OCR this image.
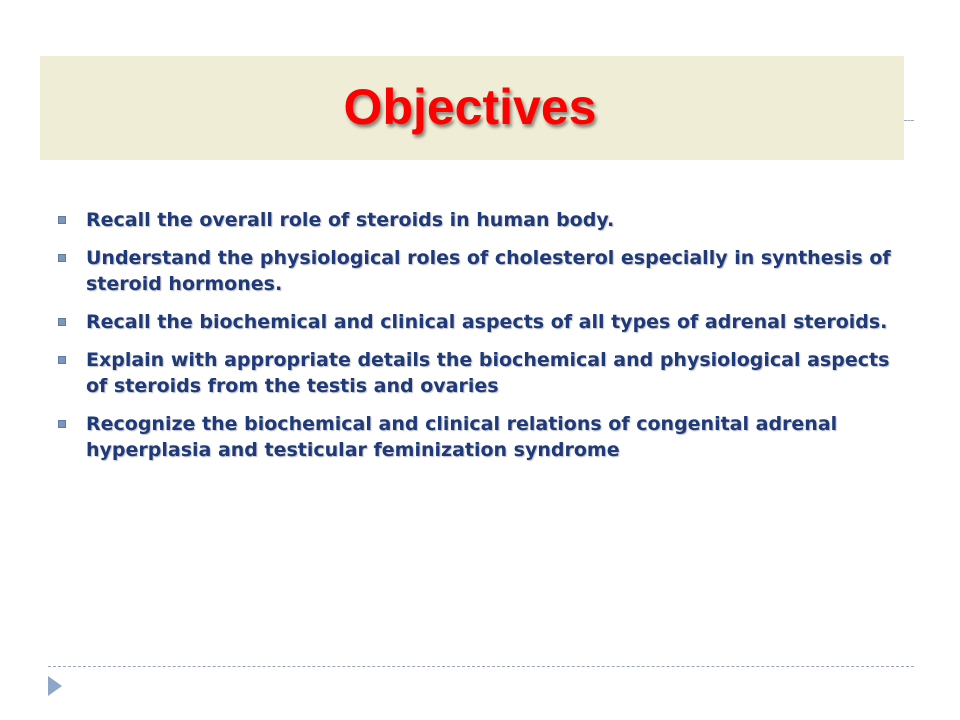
Objectives
Recall the overall role of steroids in human body.
Understand the physiological roles of cholesterol especially in synthesis of steroid hormones.
Recall the biochemical and clinical aspects of all types of adrenal steroids.
Explain with appropriate details the biochemical and physiological aspects of steroids from the testis and ovaries
Recognize the biochemical and clinical relations of congenital adrenal hyperplasia and testicular feminization syndrome
